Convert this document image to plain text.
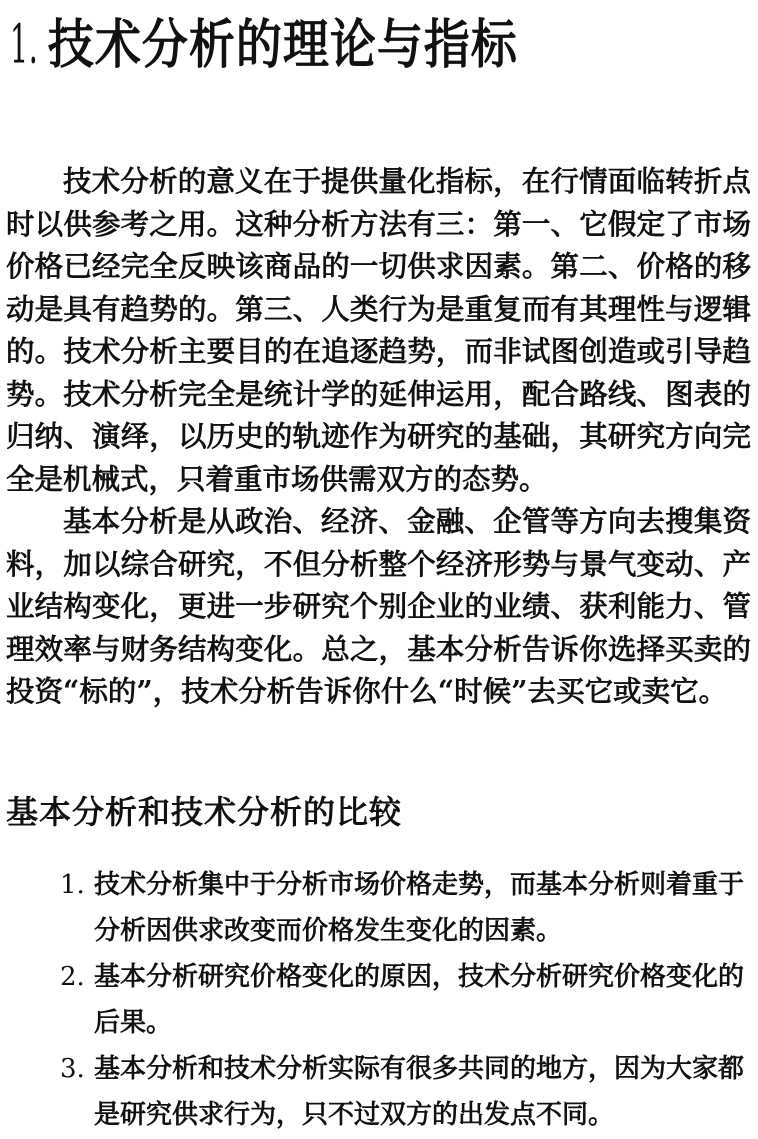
1. 技术分析的理论与指标

技术分析的意义在于提供量化指标，在行情面临转折点时以供参考之用。这种分析方法有三：第一、它假定了市场价格已经完全反映该商品的一切供求因素。第二、价格的移动是具有趋势的。第三、人类行为是重复而有其理性与逻辑的。技术分析主要目的在追逐趋势，而非试图创造或引导趋势。技术分析完全是统计学的延伸运用，配合路线、图表的归纳、演绎，以历史的轨迹作为研究的基础，其研究方向完全是机械式，只着重市场供需双方的态势。

基本分析是从政治、经济、金融、企管等方向去搜集资料，加以综合研究，不但分析整个经济形势与景气变动、产业结构变化，更进一步研究个别企业的业绩、获利能力、管理效率与财务结构变化。总之，基本分析告诉你选择买卖的投资“标的”，技术分析告诉你什么“时候”去买它或卖它。

基本分析和技术分析的比较
1. 技术分析集中于分析市场价格走势，而基本分析则着重于分析因供求改变而价格发生变化的因素。
2. 基本分析研究价格变化的原因，技术分析研究价格变化的后果。
3. 基本分析和技术分析实际有很多共同的地方，因为大家都是研究供求行为，只不过双方的出发点不同。
